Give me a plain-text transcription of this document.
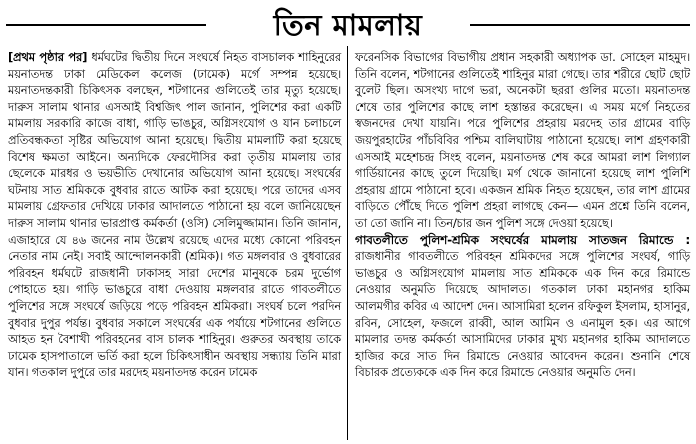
তিন মামলায়

[প্রথম পৃষ্ঠার পর] ধর্মঘটের দ্বিতীয় দিনে সংঘর্ষে নিহত বাসচালক শাহিনুরের ময়নাতদন্ত ঢাকা মেডিকেল কলেজ (ঢামেক) মর্গে সম্পন্ন হয়েছে। ময়নাতদন্তকারী চিকিৎসক বলছেন, শটগানের গুলিতেই তার মৃত্যু হয়েছে। দারুস সালাম থানার এসআই বিশ্বজিৎ পাল জানান, পুলিশের করা একটি মামলায় সরকারি কাজে বাধা, গাড়ি ভাঙচুর, অগ্নিসংযোগ ও যান চলাচলে প্রতিবন্ধকতা সৃষ্টির অভিযোগ আনা হয়েছে। দ্বিতীয় মামলাটি করা হয়েছে বিশেষ ক্ষমতা আইনে। অন্যদিকে ফেরদৌসির করা তৃতীয় মামলায় তার ছেলেকে মারধর ও ভয়ভীতি দেখানোর অভিযোগ আনা হয়েছে। সংঘর্ষের ঘটনায় সাত শ্রমিককে বুধবার রাতে আটক করা হয়েছে। পরে তাদের এসব মামলায় গ্রেফতার দেখিয়ে ঢাকার আদালতে পাঠানো হয় বলে জানিয়েছেন দারুস সালাম থানার ভারপ্রাপ্ত কর্মকর্তা (ওসি) সেলিমুজ্জামান। তিনি জানান, এজাহারে যে ৪৬ জনের নাম উল্লেখ রয়েছে এদের মধ্যে কোনো পরিবহন নেতার নাম নেই। সবাই আন্দোলনকারী (শ্রমিক)। গত মঙ্গলবার ও বুধবারের পরিবহন ধর্মঘটে রাজধানী ঢাকাসহ সারা দেশের মানুষকে চরম দুর্ভোগ পোহাতে হয়। গাড়ি ভাঙচুরে বাধা দেওয়ায় মঙ্গলবার রাতে গাবতলীতে পুলিশের সঙ্গে সংঘর্ষে জড়িয়ে পড়ে পরিবহন শ্রমিকরা। সংঘর্ষ চলে পরদিন বুধবার দুপুর পর্যন্ত। বুধবার সকালে সংঘর্ষের এক পর্যায়ে শটগানের গুলিতে আহত হন বৈশাখী পরিবহনের বাস চালক শাহিনুর। গুরুতর অবস্থায় তাকে ঢামেক হাসপাতালে ভর্তি করা হলে চিকিৎসাধীন অবস্থায় সন্ধ্যায় তিনি মারা যান। গতকাল দুপুরে তার মরদেহ ময়নাতদন্ত করেন ঢামেক

ফরেনসিক বিভাগের বিভাগীয় প্রধান সহকারী অধ্যাপক ডা. সোহেল মাহমুদ। তিনি বলেন, শটগানের গুলিতেই শাহিনুর মারা গেছে। তার শরীরে ছোট ছোট বুলেট ছিল। অসংখ্য দাগে ভরা, অনেকটা ছররা গুলির মতো। ময়নাতদন্ত শেষে তার পুলিশের কাছে লাশ হস্তান্তর করেছেন। এ সময় মর্গে নিহতের স্বজনদের দেখা যায়নি। পরে পুলিশের প্রহরায় মরদেহ তার গ্রামের বাড়ি জয়পুরহাটের পাঁচবিবির পশ্চিম বালিঘাটায় পাঠানো হয়েছে। লাশ গ্রহণকারী এসআই মহেশচন্দ্র সিংহ বলেন, ময়নাতদন্ত শেষ করে আমরা লাশ লিগ্যাল গার্ডিয়ানের কাছে তুলে দিয়েছি। মর্গ থেকে জানানো হয়েছে লাশ পুলিশি প্রহরায় গ্রামে পাঠানো হবে। একজন শ্রমিক নিহত হয়েছেন, তার লাশ গ্রামের বাড়িতে পৌঁছে দিতে পুলিশ প্রহরা লাগছে কেন— এমন প্রশ্নে তিনি বলেন, তা তো জানি না। তিন/চার জন পুলিশ সঙ্গে দেওয়া হয়েছে।

গাবতলীতে পুলিশ-শ্রমিক সংঘর্ষের মামলায় সাতজন রিমান্ডে : রাজধানীর গাবতলীতে পরিবহন শ্রমিকদের সঙ্গে পুলিশের সংঘর্ষ, গাড়ি ভাঙচুর ও অগ্নিসংযোগ মামলায় সাত শ্রমিককে এক দিন করে রিমান্ডে নেওয়ার অনুমতি দিয়েছে আদালত। গতকাল ঢাকা মহানগর হাকিম আলমগীর কবির এ আদেশ দেন। আসামিরা হলেন রফিকুল ইসলাম, হাসানুর, রবিন, সোহেল, ফজলে রাব্বী, আল আমিন ও এনামুল হক। এর আগে মামলার তদন্ত কর্মকর্তা আসামিদের ঢাকার মুখ্য মহানগর হাকিম আদালতে হাজির করে সাত দিন রিমান্ডে নেওয়ার আবেদন করেন। শুনানি শেষে বিচারক প্রত্যেককে এক দিন করে রিমান্ডে নেওয়ার অনুমতি দেন।
